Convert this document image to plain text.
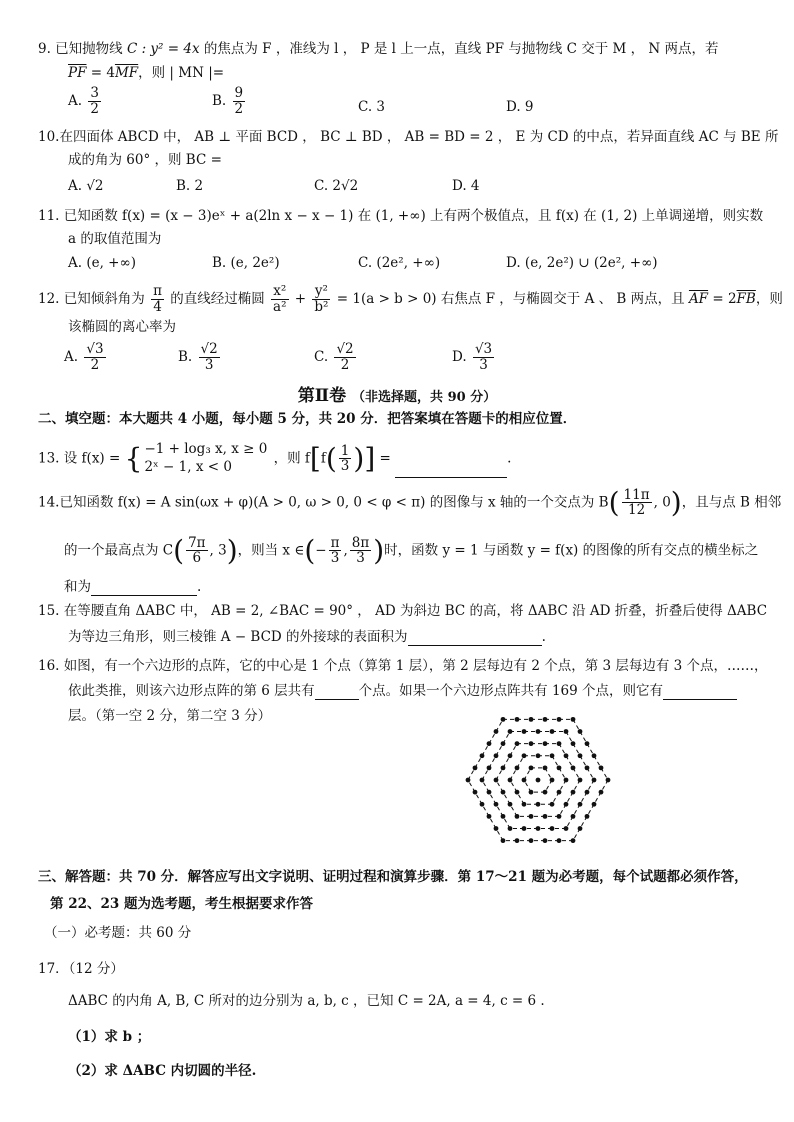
9. 已知抛物线 C : y² = 4x 的焦点为 F ，准线为 l ， P 是 l 上一点，直线 PF 与抛物线 C 交于 M ， N 两点，若
$\overline{PF} = 4\overline{MF}$，则 | MN |=
A. $\frac{3}{2}$	B. $\frac{9}{2}$	C. 3	D. 9
10.在四面体 ABCD 中， AB ⊥ 平面 BCD ， BC ⊥ BD ， AB = BD = 2 ， E 为 CD 的中点，若异面直线 AC 与 BE 所
成的角为 60° ，则 BC =
A. √2	B. 2	C. 2√2	D. 4
11. 已知函数 f(x) = (x − 3)eˣ + a(2ln x − x − 1) 在 (1, +∞) 上有两个极值点，且 f(x) 在 (1, 2) 上单调递增，则实数
a 的取值范围为
A. (e, +∞)	B. (e, 2e²)	C. (2e², +∞)	D. (e, 2e²) ∪ (2e², +∞)
12. 已知倾斜角为 $\frac{\pi}{4}$ 的直线经过椭圆 $\frac{\text{x²}}{\text{a²}} + \frac{\text{y²}}{\text{b²}} = 1(a > b > 0)$ 右焦点 F ，与椭圆交于 A 、 B 两点，且 $\overline{AF} = 2\overline{FB}$，则
该椭圆的离心率为
A. $\frac{√3}{2}$	B. $\frac{√2}{3}$	C. $\frac{√2}{2}$	D. $\frac{√3}{3}$
第Ⅱ卷 （非选择题，共 90 分）
二、填空题：本大题共 4 小题，每小题 5 分，共 20 分．把答案填在答题卡的相应位置．
13. 设 f(x) = { −1 + log₃ x, x ≥ 0
2ˣ − 1, x < 0
，则 $f[f( \frac{1}{3}$ )] =	.
14.已知函数 f(x) = A sin(ωx + φ)(A > 0, ω > 0, 0 < φ < π) 的图像与 x 轴的一个交点为 $B( \frac{11\pi}{12}$ , 0)，且与点 B 相邻
的一个最高点为 $C( \frac{7\pi}{6}$ , 3)，则当 x ∈(− $\frac{\pi}{3}$ , $\frac{8\pi}{3}$ )时，函数 y = 1 与函数 y = f(x) 的图像的所有交点的横坐标之
和为	.
15. 在等腰直角 ΔABC 中， AB = 2, ∠BAC = 90° ， AD 为斜边 BC 的高，将 ΔABC 沿 AD 折叠，折叠后使得 ΔABC
为等边三角形，则三棱锥 A − BCD 的外接球的表面积为	.
16. 如图，有一个六边形的点阵，它的中心是 1 个点（算第 1 层），第 2 层每边有 2 个点，第 3 层每边有 3 个点，……，
依此类推，则该六边形点阵的第 6 层共有	个点。如果一个六边形点阵共有 169 个点，则它有
层。（第一空 2 分，第二空 3 分）
三、解答题：共 70 分．解答应写出文字说明、证明过程和演算步骤．第 17～21 题为必考题，每个试题都必须作答，
第 22、23 题为选考题，考生根据要求作答
（一）必考题：共 60 分
17．（12 分）
ΔABC 的内角 A, B, C 所对的边分别为 a, b, c ，已知 C = 2A, a = 4, c = 6 .
（1）求 b ；
（2）求 ΔABC 内切圆的半径.
